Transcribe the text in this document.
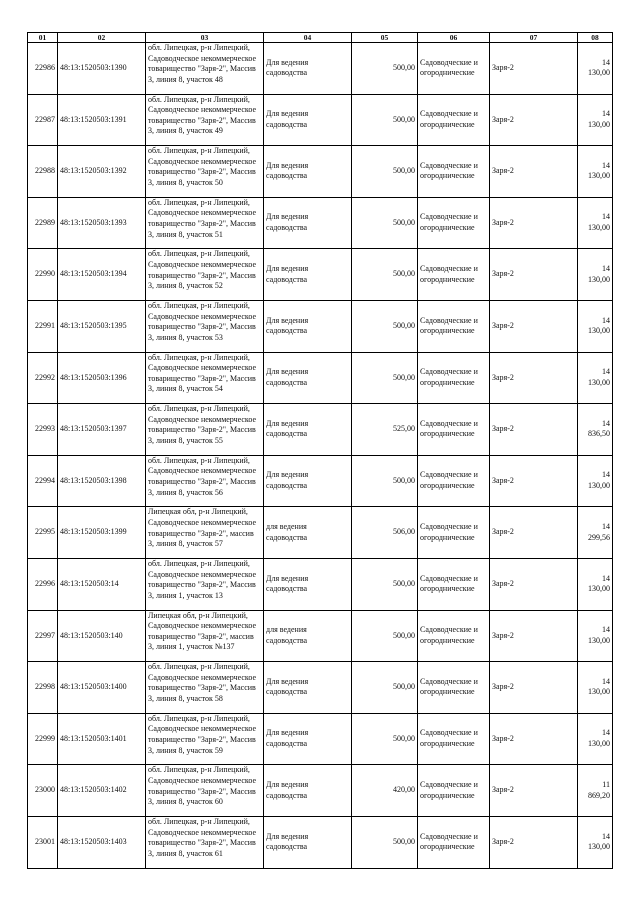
01	02	03	04	05	06	07	08
22986	48:13:1520503:1390	обл. Липецкая, р-н Липецкий, Садоводческое некоммерческое товарищество "Заря-2", Массив 3, линия 8, участок 48	Для ведения садоводства	500,00	Садоводческие и огороднические	Заря-2	14 130,00
22987	48:13:1520503:1391	обл. Липецкая, р-н Липецкий, Садоводческое некоммерческое товарищество "Заря-2", Массив 3, линия 8, участок 49	Для ведения садоводства	500,00	Садоводческие и огороднические	Заря-2	14 130,00
22988	48:13:1520503:1392	обл. Липецкая, р-н Липецкий, Садоводческое некоммерческое товарищество "Заря-2", Массив 3, линия 8, участок 50	Для ведения садоводства	500,00	Садоводческие и огороднические	Заря-2	14 130,00
22989	48:13:1520503:1393	обл. Липецкая, р-н Липецкий, Садоводческое некоммерческое товарищество "Заря-2", Массив 3, линия 8, участок 51	Для ведения садоводства	500,00	Садоводческие и огороднические	Заря-2	14 130,00
22990	48:13:1520503:1394	обл. Липецкая, р-н Липецкий, Садоводческое некоммерческое товарищество "Заря-2", Массив 3, линия 8, участок 52	Для ведения садоводства	500,00	Садоводческие и огороднические	Заря-2	14 130,00
22991	48:13:1520503:1395	обл. Липецкая, р-н Липецкий, Садоводческое некоммерческое товарищество "Заря-2", Массив 3, линия 8, участок 53	Для ведения садоводства	500,00	Садоводческие и огороднические	Заря-2	14 130,00
22992	48:13:1520503:1396	обл. Липецкая, р-н Липецкий, Садоводческое некоммерческое товарищество "Заря-2", Массив 3, линия 8, участок 54	Для ведения садоводства	500,00	Садоводческие и огороднические	Заря-2	14 130,00
22993	48:13:1520503:1397	обл. Липецкая, р-н Липецкий, Садоводческое некоммерческое товарищество "Заря-2", Массив 3, линия 8, участок 55	Для ведения садоводства	525,00	Садоводческие и огороднические	Заря-2	14 836,50
22994	48:13:1520503:1398	обл. Липецкая, р-н Липецкий, Садоводческое некоммерческое товарищество "Заря-2", Массив 3, линия 8, участок 56	Для ведения садоводства	500,00	Садоводческие и огороднические	Заря-2	14 130,00
22995	48:13:1520503:1399	Липецкая обл, р-н Липецкий, Садоводческое некоммерческое товарищество "Заря-2", массив 3, линия 8, участок 57	для ведения садоводства	506,00	Садоводческие и огороднические	Заря-2	14 299,56
22996	48:13:1520503:14	обл. Липецкая, р-н Липецкий, Садоводческое некоммерческое товарищество "Заря-2", Массив 3, линия 1, участок 13	Для ведения садоводства	500,00	Садоводческие и огороднические	Заря-2	14 130,00
22997	48:13:1520503:140	Липецкая обл, р-н Липецкий, Садоводческое некоммерческое товарищество "Заря-2", массив 3, линия 1, участок №137	для ведения садоводства	500,00	Садоводческие и огороднические	Заря-2	14 130,00
22998	48:13:1520503:1400	обл. Липецкая, р-н Липецкий, Садоводческое некоммерческое товарищество "Заря-2", Массив 3, линия 8, участок 58	Для ведения садоводства	500,00	Садоводческие и огороднические	Заря-2	14 130,00
22999	48:13:1520503:1401	обл. Липецкая, р-н Липецкий, Садоводческое некоммерческое товарищество "Заря-2", Массив 3, линия 8, участок 59	Для ведения садоводства	500,00	Садоводческие и огороднические	Заря-2	14 130,00
23000	48:13:1520503:1402	обл. Липецкая, р-н Липецкий, Садоводческое некоммерческое товарищество "Заря-2", Массив 3, линия 8, участок 60	Для ведения садоводства	420,00	Садоводческие и огороднические	Заря-2	11 869,20
23001	48:13:1520503:1403	обл. Липецкая, р-н Липецкий, Садоводческое некоммерческое товарищество "Заря-2", Массив 3, линия 8, участок 61	Для ведения садоводства	500,00	Садоводческие и огороднические	Заря-2	14 130,00
